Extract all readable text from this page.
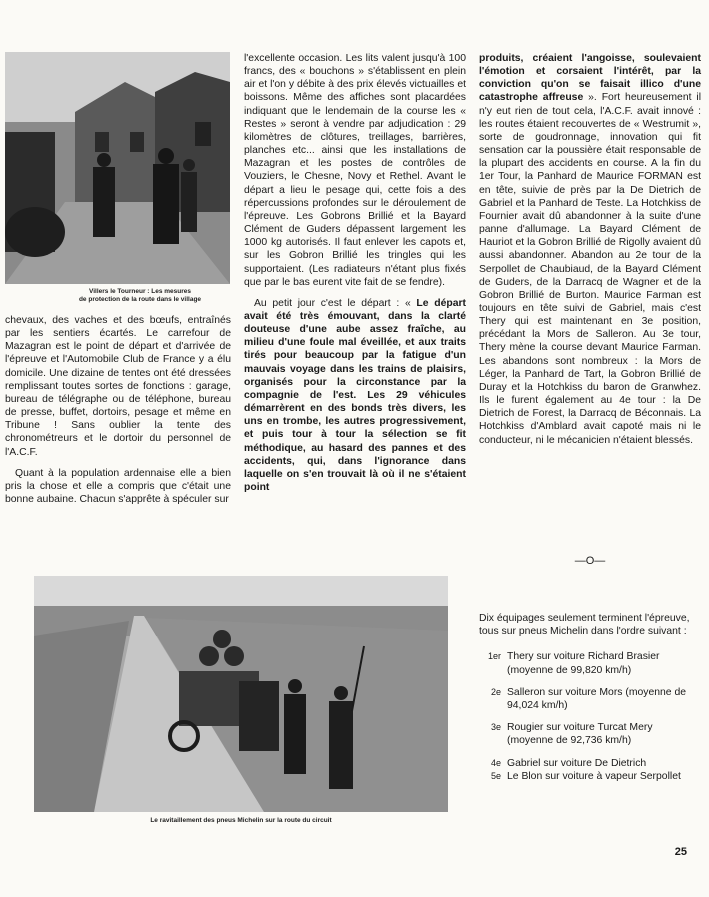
Villers le Tourneur : Les mesures
de protection de la route dans le village

chevaux, des vaches et des bœufs, entraînés par les sentiers écartés. Le carrefour de Mazagran est le point de départ et d'arrivée de l'épreuve et l'Automobile Club de France y a élu domicile. Une dizaine de tentes ont été dressées remplissant toutes sortes de fonctions : garage, bureau de télégraphe ou de téléphone, bureau de presse, buffet, dortoirs, pesage et même en Tribune ! Sans oublier la tente des chronométreurs et le dortoir du personnel de l'A.C.F.

Quant à la population ardennaise elle a bien pris la chose et elle a compris que c'était une bonne aubaine. Chacun s'apprête à spéculer sur

l'excellente occasion. Les lits valent jusqu'à 100 francs, des « bouchons » s'établissent en plein air et l'on y débite à des prix élevés victuailles et boissons. Même des affiches sont placardées indiquant que le lendemain de la course les « Restes » seront à vendre par adjudication : 29 kilomètres de clôtures, treillages, barrières, planches etc... ainsi que les installations de Mazagran et les postes de contrôles de Vouziers, le Chesne, Novy et Rethel. Avant le départ a lieu le pesage qui, cette fois a des répercussions profondes sur le déroulement de l'épreuve. Les Gobrons Brillié et la Bayard Clément de Guders dépassent largement les 1000 kg autorisés. Il faut enlever les capots et, sur les Gobron Brillié les tringles qui les supportaient. (Les radiateurs n'étant plus fixés que par le bas eurent vite fait de se fendre).

Au petit jour c'est le départ : « Le départ avait été très émouvant, dans la clarté douteuse d'une aube assez fraîche, au milieu d'une foule mal éveillée, et aux traits tirés pour beaucoup par la fatigue d'un mauvais voyage dans les trains de plaisirs, organisés pour la circonstance par la compagnie de l'est. Les 29 véhicules démarrèrent en des bonds très divers, les uns en trombe, les autres progressivement, et puis tour à tour la sélection se fit méthodique, au hasard des pannes et des accidents, qui, dans l'ignorance dans laquelle on s'en trouvait là où il ne s'étaient point

produits, créaient l'angoisse, soulevaient l'émotion et corsaient l'intérêt, par la conviction qu'on se faisait illico d'une catastrophe affreuse ». Fort heureusement il n'y eut rien de tout cela, l'A.C.F. avait innové : les routes étaient recouvertes de « Westrumit », sorte de goudronnage, innovation qui fit sensation car la poussière était responsable de la plupart des accidents en course. A la fin du 1er Tour, la Panhard de Maurice FORMAN est en tête, suivie de près par la De Dietrich de Gabriel et la Panhard de Teste. La Hotchkiss de Fournier avait dû abandonner à la suite d'une panne d'allumage. La Bayard Clément de Hauriot et la Gobron Brillié de Rigolly avaient dû aussi abandonner. Abandon au 2e tour de la Serpollet de Chaubiaud, de la Bayard Clément de Guders, de la Darracq de Wagner et de la Gobron Brillié de Burton. Maurice Farman est toujours en tête suivi de Gabriel, mais c'est Thery qui est maintenant en 3e position, précédant la Mors de Salleron. Au 3e tour, Thery mène la course devant Maurice Farman. Les abandons sont nombreux : la Mors de Léger, la Panhard de Tart, la Gobron Brillié de Duray et la Hotchkiss du baron de Granwhez. Ils le furent également au 4e tour : la De Dietrich de Forest, la Darracq de Béconnais. La Hotchkiss d'Amblard avait capoté mais ni le conducteur, ni le mécanicien n'étaient blessés.

—O—
Le ravitaillement des pneus Michelin sur la route du circuit

Dix équipages seulement terminent l'épreuve, tous sur pneus Michelin dans l'ordre suivant :

1er Thery sur voiture Richard Brasier (moyenne de 99,820 km/h)
2e Salleron sur voiture Mors (moyenne de 94,024 km/h)
3e Rougier sur voiture Turcat Mery (moyenne de 92,736 km/h)
4e Gabriel sur voiture De Dietrich
5e Le Blon sur voiture à vapeur Serpollet
25
